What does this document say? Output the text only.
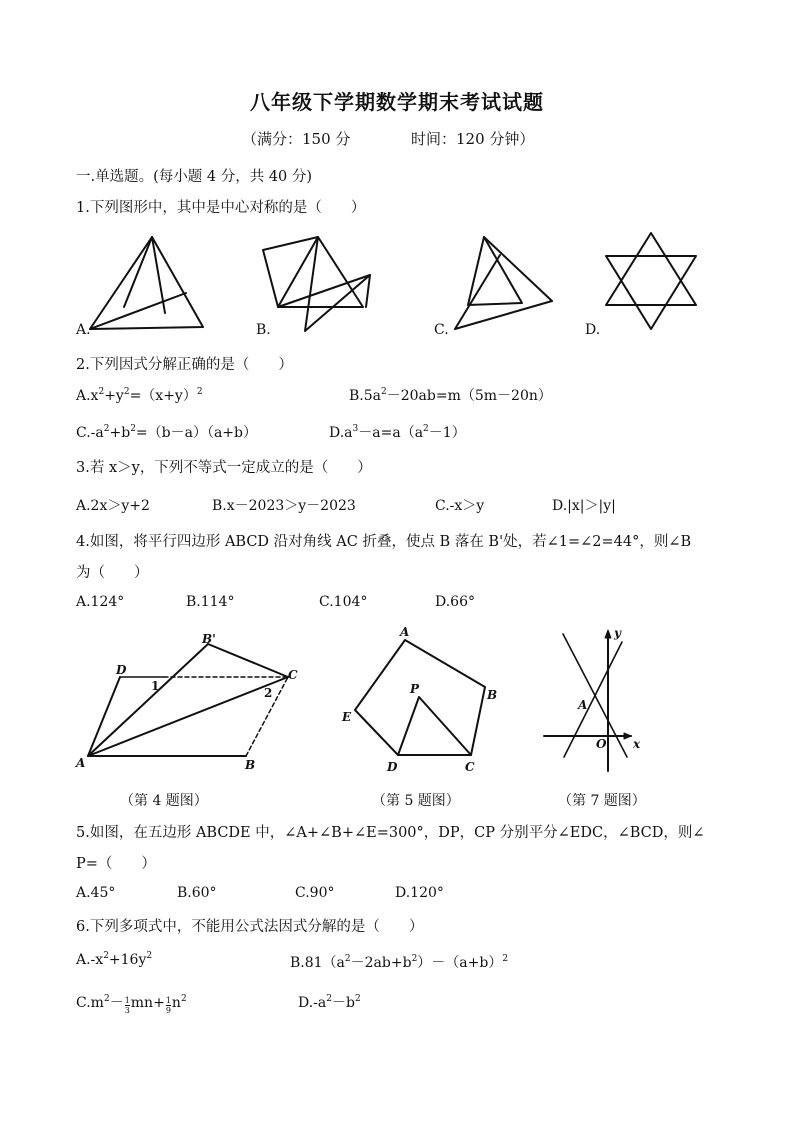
八年级下学期数学期末考试试题
（满分：150 分	时间：120 分钟）
一.单选题。(每小题 4 分，共 40 分)
1.下列图形中，其中是中心对称的是（　　）
A.	B.	C.	D.
2.下列因式分解正确的是（　　）
$A.x^2+y^2=(x+y)^2$	$B.5a^2-20ab=m(5m-20n)$
$C.-a^2+b^2=(b-a)(a+b)$	$D.a^3-a=a(a^2-1)$
3.若 x＞y，下列不等式一定成立的是（　　）
A.2x＞y+2	B.x－2023＞y－2023	C.-x＞y	D.|x|＞|y|
4.如图，将平行四边形 ABCD 沿对角线 AC 折叠，使点 B 落在 B'处，若∠1=∠2=44°，则∠B
为（　　）
A.124°	B.114°	C.104°	D.66°
B'
D	C
1	2
A	B
A
P	B
E
D	C
y
A
O x
（第 4 题图）	（第 5 题图）	（第 7 题图）
5.如图，在五边形 ABCDE 中，∠A+∠B+∠E=300°，DP，CP 分别平分∠EDC，∠BCD，则∠
P=（　　）
A.45°	B.60°	C.90°	D.120°
6.下列多项式中，不能用公式法因式分解的是（　　）
$A.-x^2+16y^2$	$B.81(a^2-2ab+b^2)-(a+b)^2$
$C.m^2- \frac{1}{3} mn+ \frac{1}{9} n^2$	$D.-a^2-b^2$
